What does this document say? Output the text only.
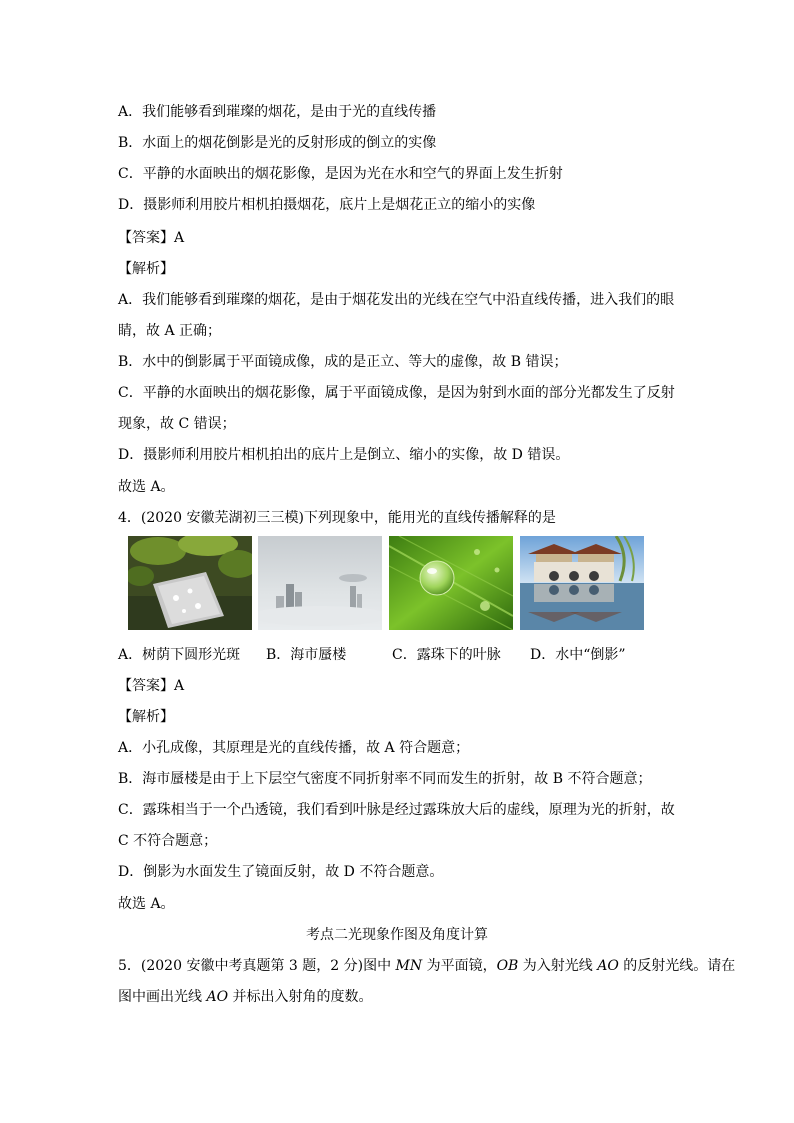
A．我们能够看到璀璨的烟花，是由于光的直线传播
B．水面上的烟花倒影是光的反射形成的倒立的实像
C．平静的水面映出的烟花影像，是因为光在水和空气的界面上发生折射
D．摄影师利用胶片相机拍摄烟花，底片上是烟花正立的缩小的实像
【答案】A
【解析】
A．我们能够看到璀璨的烟花，是由于烟花发出的光线在空气中沿直线传播，进入我们的眼
睛，故 A 正确；
B．水中的倒影属于平面镜成像，成的是正立、等大的虚像，故 B 错误；
C．平静的水面映出的烟花影像，属于平面镜成像，是因为射到水面的部分光都发生了反射
现象，故 C 错误；
D．摄影师利用胶片相机拍出的底片上是倒立、缩小的实像，故 D 错误。
故选 A。
4．(2020 安徽芜湖初三三模)下列现象中，能用光的直线传播解释的是
A．树荫下圆形光斑 B．海市蜃楼	C．露珠下的叶脉 D．水中“倒影”
【答案】A
【解析】
A．小孔成像，其原理是光的直线传播，故 A 符合题意；
B．海市蜃楼是由于上下层空气密度不同折射率不同而发生的折射，故 B 不符合题意；
C．露珠相当于一个凸透镜，我们看到叶脉是经过露珠放大后的虚线，原理为光的折射，故
C 不符合题意；
D．倒影为水面发生了镜面反射，故 D 不符合题意。
故选 A。
考点二光现象作图及角度计算
5．(2020 安徽中考真题第 3 题，2 分)图中 MN 为平面镜，OB 为入射光线 AO 的反射光线。请在
图中画出光线 AO 并标出入射角的度数。
